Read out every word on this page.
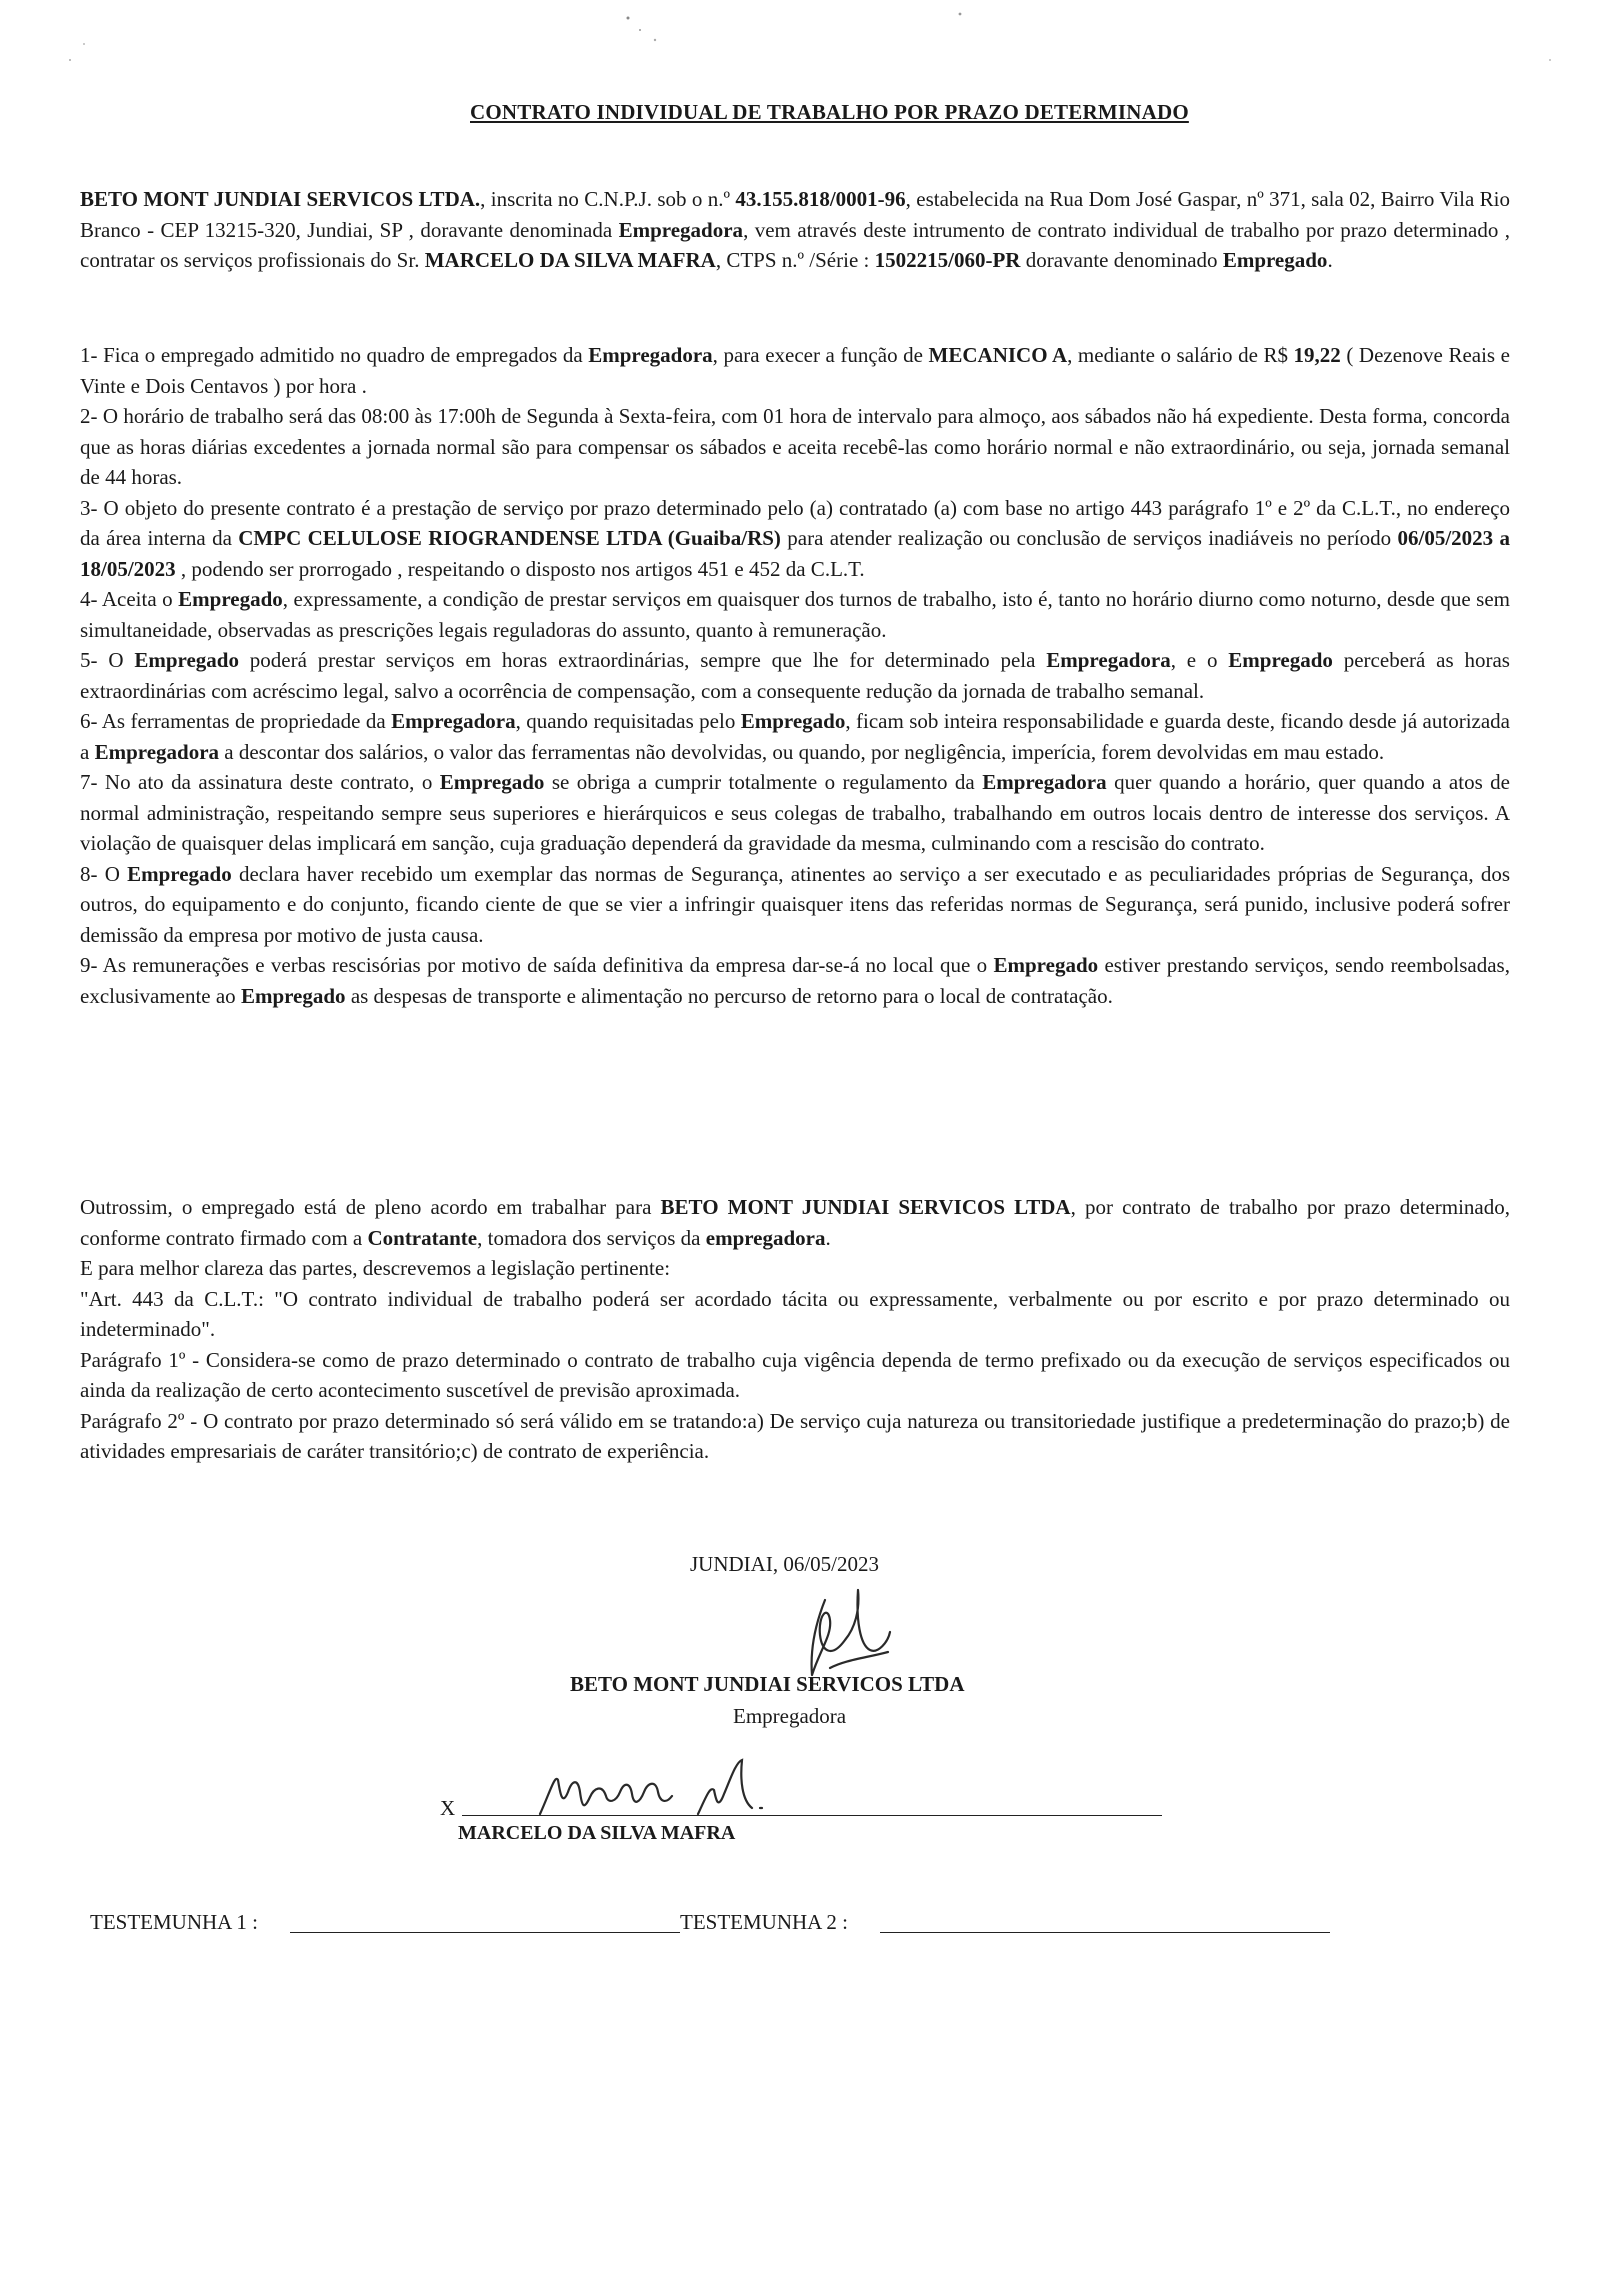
CONTRATO INDIVIDUAL DE TRABALHO POR PRAZO DETERMINADO

BETO MONT JUNDIAI SERVICOS LTDA., inscrita no C.N.P.J. sob o n.º 43.155.818/0001-96, estabelecida na Rua Dom José Gaspar, nº 371, sala 02, Bairro Vila Rio Branco - CEP 13215-320, Jundiai, SP , doravante denominada Empregadora, vem através deste intrumento de contrato individual de trabalho por prazo determinado , contratar os serviços profissionais do Sr. MARCELO DA SILVA MAFRA, CTPS n.º /Série : 1502215/060-PR doravante denominado Empregado.

1- Fica o empregado admitido no quadro de empregados da Empregadora, para execer a função de MECANICO A, mediante o salário de R$ 19,22 ( Dezenove Reais e Vinte e Dois Centavos ) por hora .

2- O horário de trabalho será das 08:00 às 17:00h de Segunda à Sexta-feira, com 01 hora de intervalo para almoço, aos sábados não há expediente. Desta forma, concorda que as horas diárias excedentes a jornada normal são para compensar os sábados e aceita recebê-las como horário normal e não extraordinário, ou seja, jornada semanal de 44 horas.

3- O objeto do presente contrato é a prestação de serviço por prazo determinado pelo (a) contratado (a) com base no artigo 443 parágrafo 1º e 2º da C.L.T., no endereço da área interna da CMPC CELULOSE RIOGRANDENSE LTDA (Guaiba/RS) para atender realização ou conclusão de serviços inadiáveis no período 06/05/2023 a 18/05/2023 , podendo ser prorrogado , respeitando o disposto nos artigos 451 e 452 da C.L.T.

4- Aceita o Empregado, expressamente, a condição de prestar serviços em quaisquer dos turnos de trabalho, isto é, tanto no horário diurno como noturno, desde que sem simultaneidade, observadas as prescrições legais reguladoras do assunto, quanto à remuneração.

5- O Empregado poderá prestar serviços em horas extraordinárias, sempre que lhe for determinado pela Empregadora, e o Empregado perceberá as horas extraordinárias com acréscimo legal, salvo a ocorrência de compensação, com a consequente redução da jornada de trabalho semanal.

6- As ferramentas de propriedade da Empregadora, quando requisitadas pelo Empregado, ficam sob inteira responsabilidade e guarda deste, ficando desde já autorizada a Empregadora a descontar dos salários, o valor das ferramentas não devolvidas, ou quando, por negligência, imperícia, forem devolvidas em mau estado.

7- No ato da assinatura deste contrato, o Empregado se obriga a cumprir totalmente o regulamento da Empregadora quer quando a horário, quer quando a atos de normal administração, respeitando sempre seus superiores e hierárquicos e seus colegas de trabalho, trabalhando em outros locais dentro de interesse dos serviços. A violação de quaisquer delas implicará em sanção, cuja graduação dependerá da gravidade da mesma, culminando com a rescisão do contrato.

8- O Empregado declara haver recebido um exemplar das normas de Segurança, atinentes ao serviço a ser executado e as peculiaridades próprias de Segurança, dos outros, do equipamento e do conjunto, ficando ciente de que se vier a infringir quaisquer itens das referidas normas de Segurança, será punido, inclusive poderá sofrer demissão da empresa por motivo de justa causa.

9- As remunerações e verbas rescisórias por motivo de saída definitiva da empresa dar-se-á no local que o Empregado estiver prestando serviços, sendo reembolsadas, exclusivamente ao Empregado as despesas de transporte e alimentação no percurso de retorno para o local de contratação.

Outrossim, o empregado está de pleno acordo em trabalhar para BETO MONT JUNDIAI SERVICOS LTDA, por contrato de trabalho por prazo determinado, conforme contrato firmado com a Contratante, tomadora dos serviços da empregadora.

E para melhor clareza das partes, descrevemos a legislação pertinente:

"Art. 443 da C.L.T.: "O contrato individual de trabalho poderá ser acordado tácita ou expressamente, verbalmente ou por escrito e por prazo determinado ou indeterminado".

Parágrafo 1º - Considera-se como de prazo determinado o contrato de trabalho cuja vigência dependa de termo prefixado ou da execução de serviços especificados ou ainda da realização de certo acontecimento suscetível de previsão aproximada.

Parágrafo 2º - O contrato por prazo determinado só será válido em se tratando:a) De serviço cuja natureza ou transitoriedade justifique a predeterminação do prazo;b) de atividades empresariais de caráter transitório;c) de contrato de experiência.

JUNDIAI, 06/05/2023
BETO MONT JUNDIAI SERVICOS LTDA
Empregadora
X
MARCELO DA SILVA MAFRA
TESTEMUNHA 1 :	TESTEMUNHA 2 :
